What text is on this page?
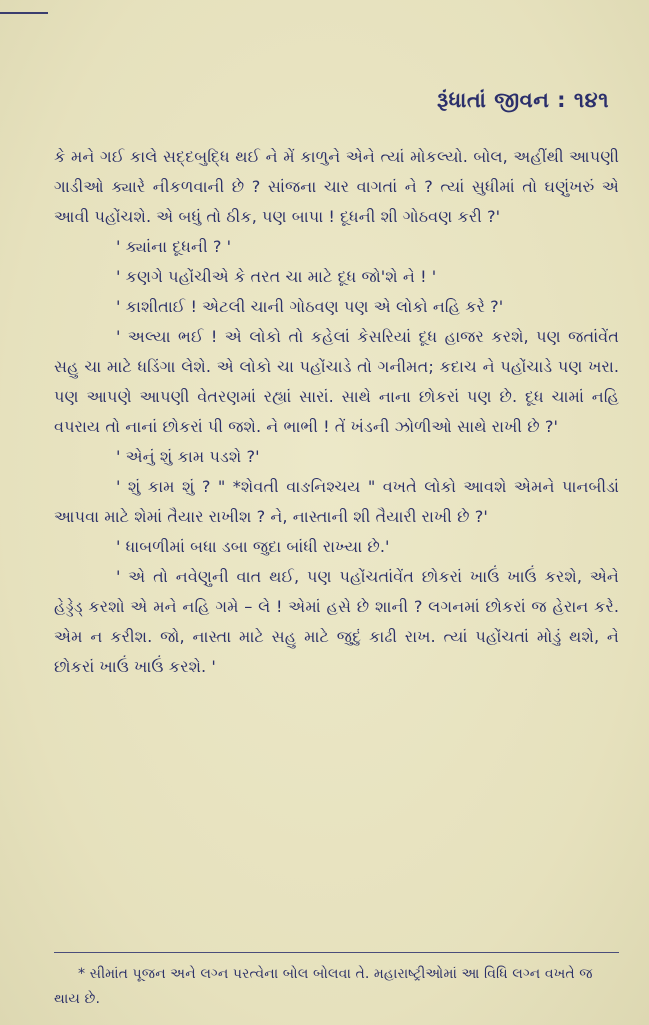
રૂંધાતાં જીવન : ૧૪૧

કે મને ગઈ કાલે સદ્દબુદ્ધિ થઈ ને મેં કાળુને એને ત્યાં મોકલ્યો. બોલ, અહીંથી આપણી ગાડીઓ ક્યારે નીકળવાની છે ? સાંજના ચાર વાગતાં ને ? ત્યાં સુધીમાં તો ઘણુંખરું એ આવી પહોંચશે. એ બધું તો ઠીક, પણ બાપા ! દૂધની શી ગોઠવણ કરી ?'

' ક્યાંના દૂધની ? '

' કણગે પહોંચીએ કે તરત ચા માટે દૂધ જો'શે ને ! '

' કાશીતાઈ ! એટલી ચાની ગોઠવણ પણ એ લોકો નહિ કરે ?'

' અલ્યા ભઈ ! એ લોકો તો કહેલાં કેસરિયાં દૂધ હાજર કરશે, પણ જતાંવેંત સહુ ચા માટે ધડિંગા લેશે. એ લોકો ચા પહોંચાડે તો ગનીમત; કદાચ ને પહોંચાડે પણ ખરા. પણ આપણે આપણી વેતરણમાં રહ્યાં સારાં. સાથે નાના છોકરાં પણ છે. દૂધ ચામાં નહિ વપરાય તો નાનાં છોકરાં પી જશે. ને ભાભી ! તેં ખંડની ઝોળીઓ સાથે રાખી છે ?'

' એનું શું કામ પડશે ?'

' શું કામ શું ? " *શેવતી વાઙનિશ્ચય " વખતે લોકો આવશે એમને પાનબીડાં આપવા માટે શેમાં તૈયાર રાખીશ ? ને, નાસ્તાની શી તૈયારી રાખી છે ?'

' ધાબળીમાં બધા ડબા જુદા બાંધી રાખ્યા છે.'

' એ તો નવેણુની વાત થઈ, પણ પહોંચતાંવેંત છોકરાં ખાઉં ખાઉં કરશે, એને હેડ્ડેડ્ કરશો એ મને નહિ ગમે – લે ! એમાં હસે છે શાની ? લગનમાં છોકરાં જ હેરાન કરે. એમ ન કરીશ. જો, નાસ્તા માટે સહુ માટે જુદું કાઢી રાખ. ત્યાં પહોંચતાં મોડું થશે, ને છોકરાં ખાઉં ખાઉં કરશે. '

* સીમાંત પૂજન અને લગ્ન પરત્વેના બોલ બોલવા તે. મહારાષ્ટ્રીઓમાં આ વિધિ લગ્ન વખતે જ થાય છે.
